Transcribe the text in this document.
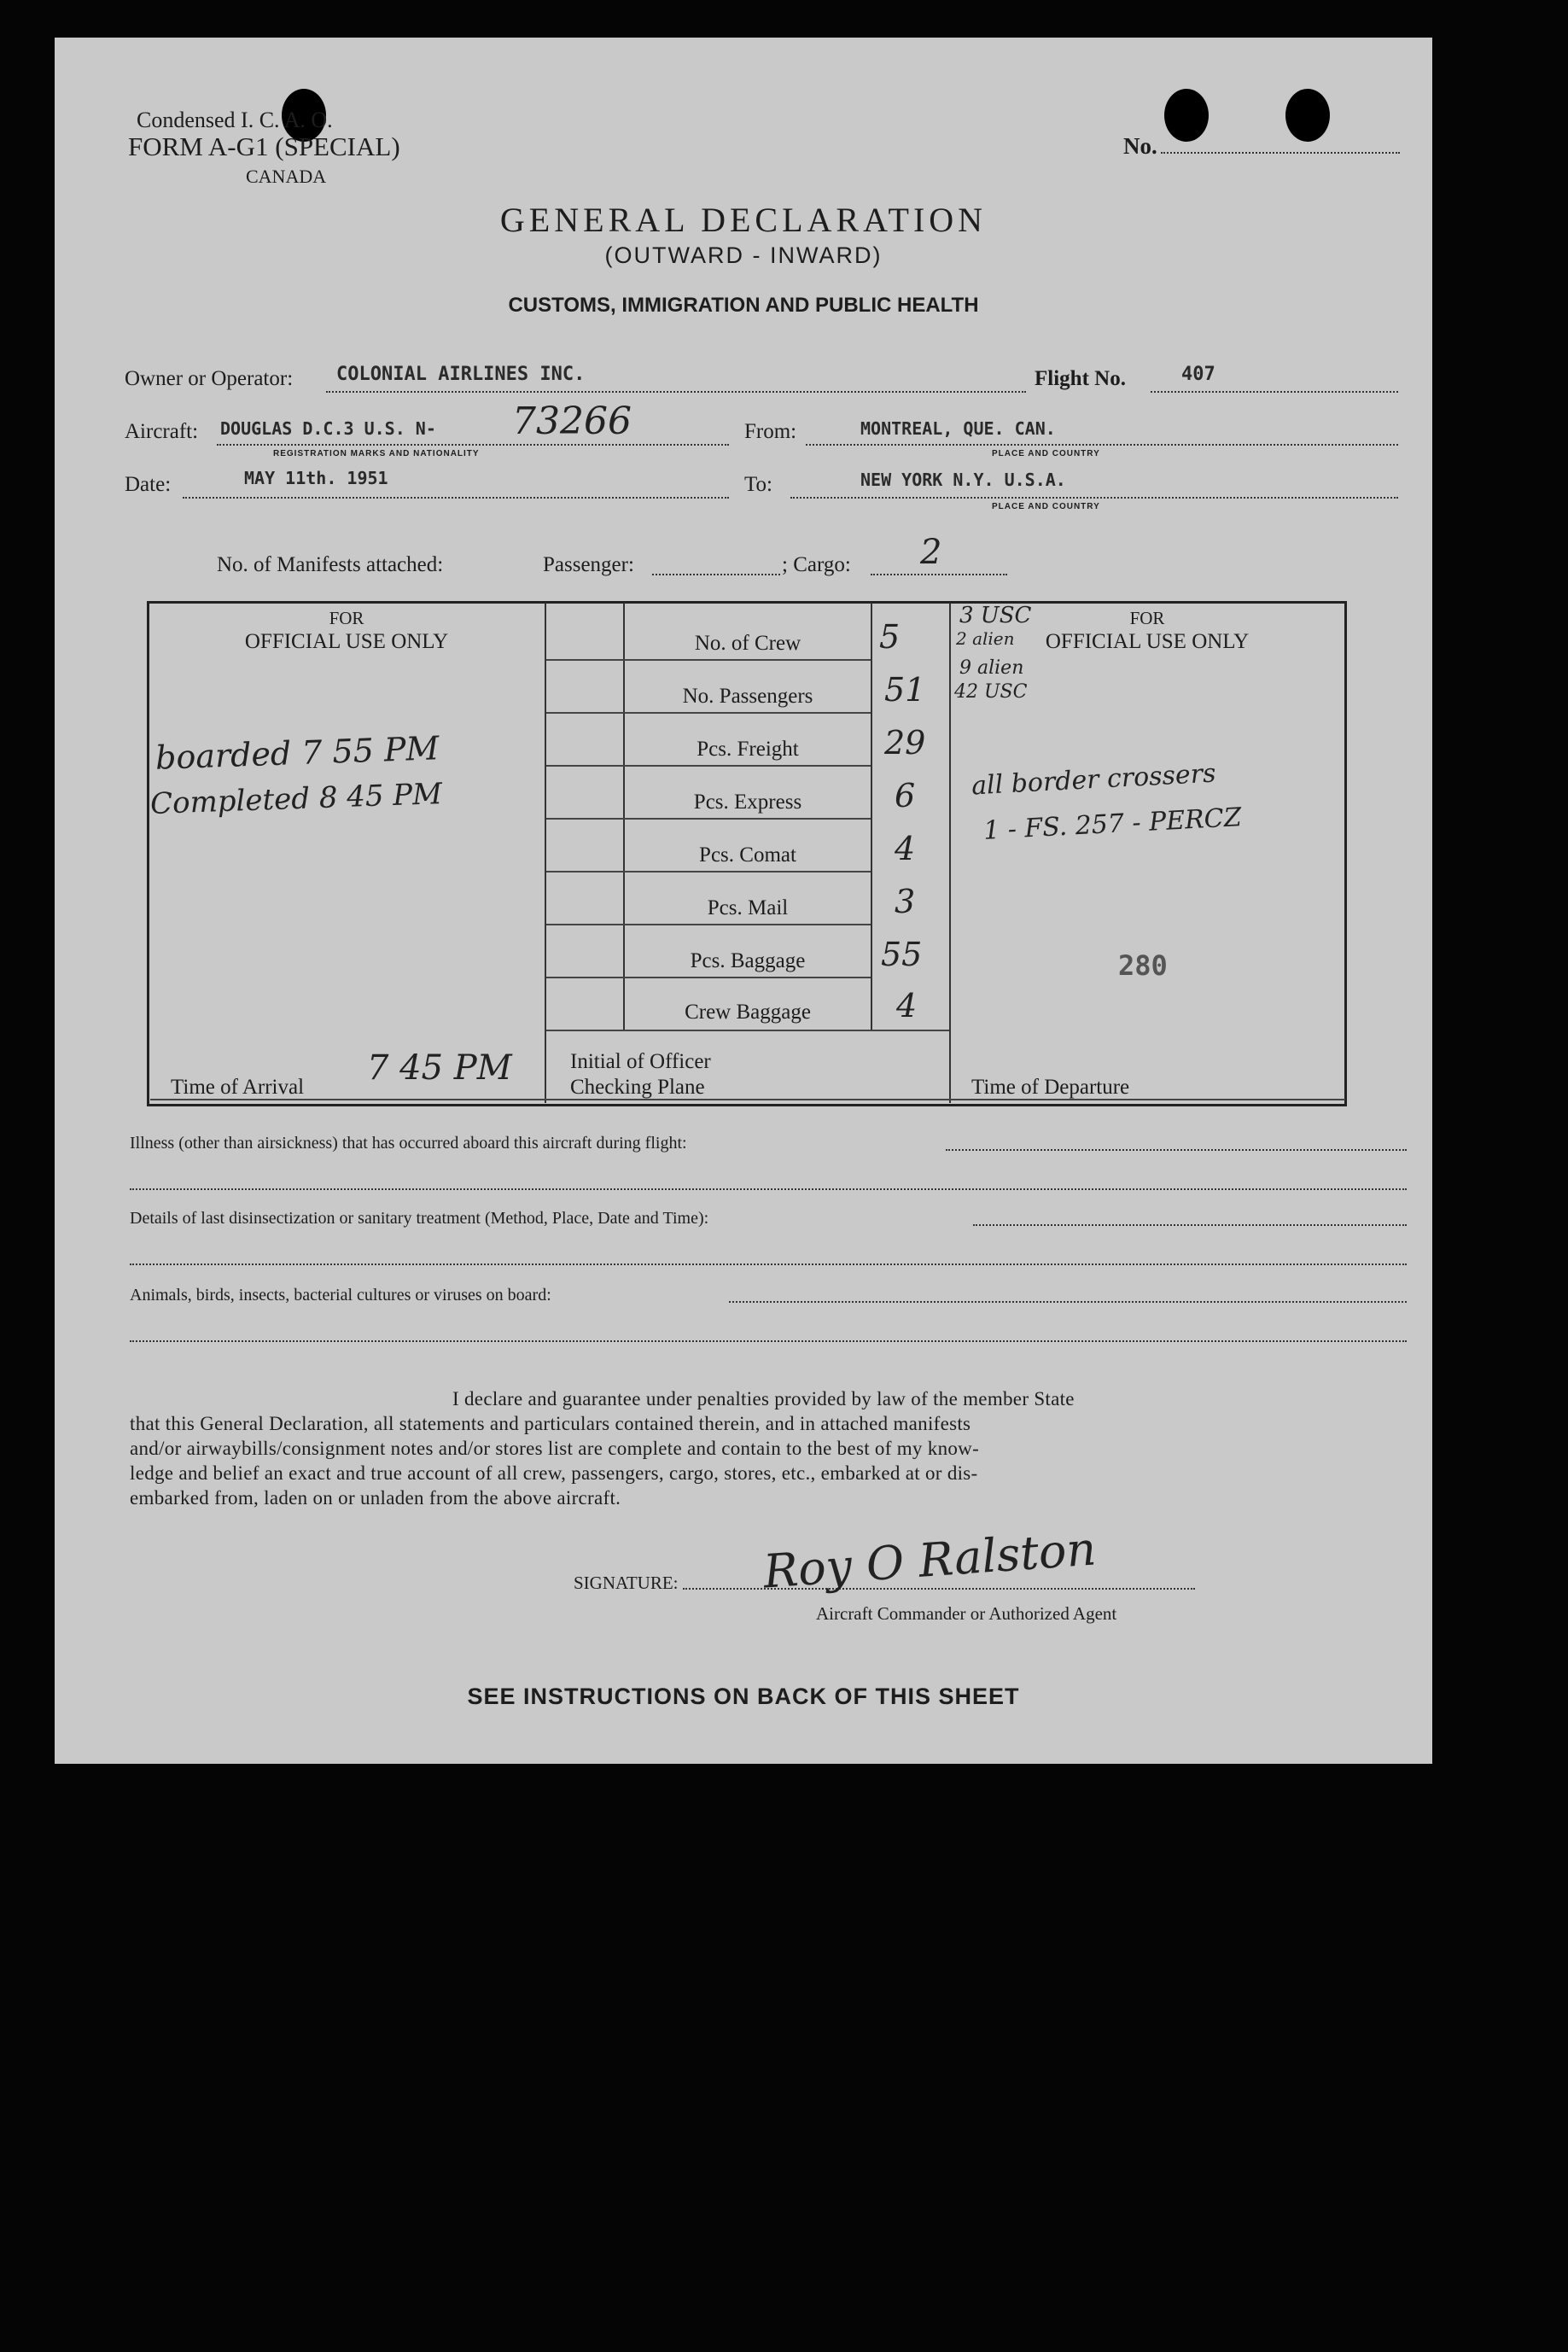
Condensed I. C. A. O.
FORM A-G1 (SPECIAL)
CANADA
No.
GENERAL DECLARATION
(OUTWARD - INWARD)
CUSTOMS, IMMIGRATION AND PUBLIC HEALTH
Owner or Operator: COLONIAL AIRLINES INC.	Flight No.	407
Aircraft: DOUGLAS D.C.3 U.S. N- 73266
REGISTRATION MARKS AND NATIONALITY
From:	MONTREAL, QUE. CAN.
PLACE AND COUNTRY
Date:	MAY 11th. 1951	To:	NEW YORK N.Y. U.S.A.
PLACE AND COUNTRY
No. of Manifests attached:	Passenger:	; Cargo: 2
FOR
OFFICIAL USE ONLY
FOR
OFFICIAL USE ONLY
No. of Crew	5
No. Passengers	51
Pcs. Freight	29
Pcs. Express	6
Pcs. Comat	4
Pcs. Mail	3
Pcs. Baggage	55
Crew Baggage	4
Time of Arrival 7 45 PM	Initial of Officer
Checking Plane	Time of Departure
boarded 7 55 PM
Completed 8 45 PM
3 USC
2 alien
9 alien
42 USC
all border crossers
1 - FS. 257 - PERCZ
280
Illness (other than airsickness) that has occurred aboard this aircraft during flight:
Details of last disinsectization or sanitary treatment (Method, Place, Date and Time):
Animals, birds, insects, bacterial cultures or viruses on board:
I declare and guarantee under penalties provided by law of the member State
that this General Declaration, all statements and particulars contained therein, and in attached manifests
and/or airwaybills/consignment notes and/or stores list are complete and contain to the best of my know-
ledge and belief an exact and true account of all crew, passengers, cargo, stores, etc., embarked at or dis-
embarked from, laden on or unladen from the above aircraft.
SIGNATURE: Roy O Ralston
Aircraft Commander or Authorized Agent
SEE INSTRUCTIONS ON BACK OF THIS SHEET
